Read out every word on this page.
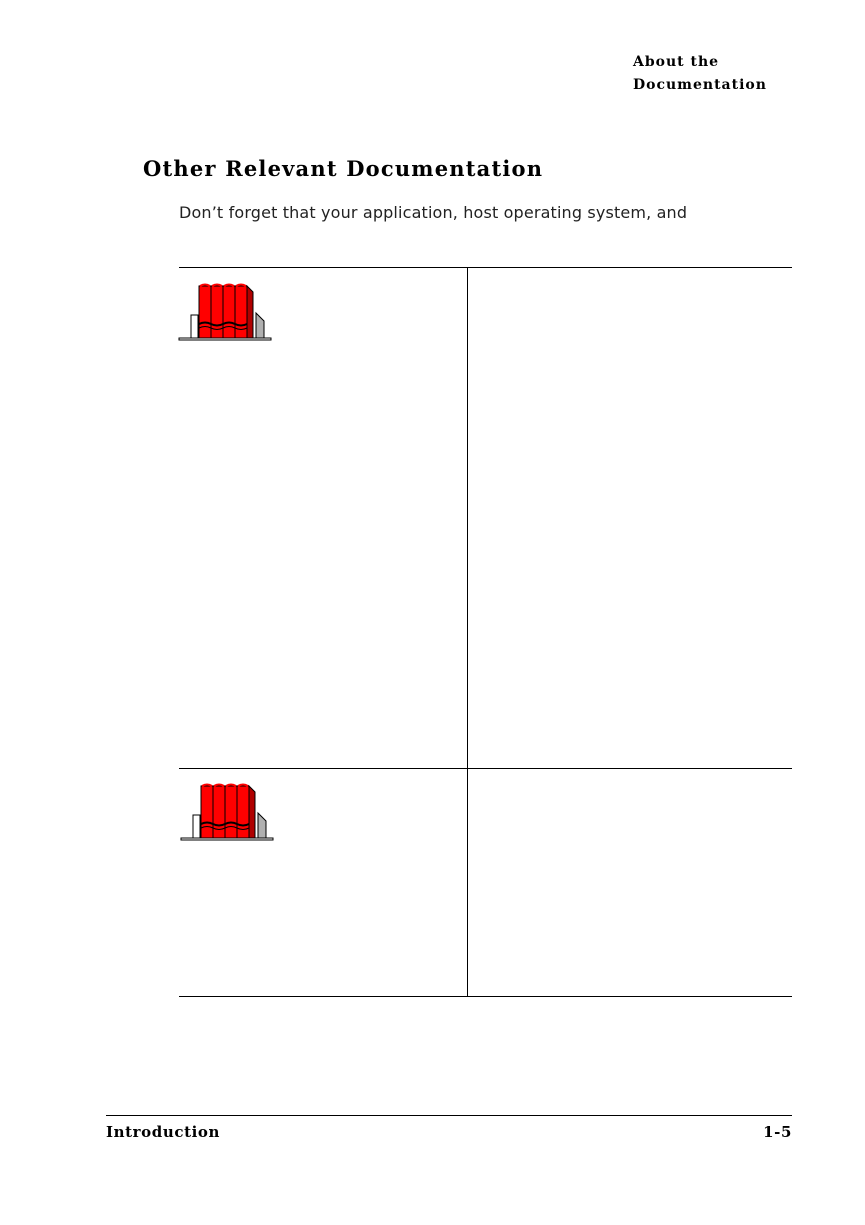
About the
Documentation
Other Relevant Documentation
Don’t forget that your application, host operating system, and
Introduction	1-5
